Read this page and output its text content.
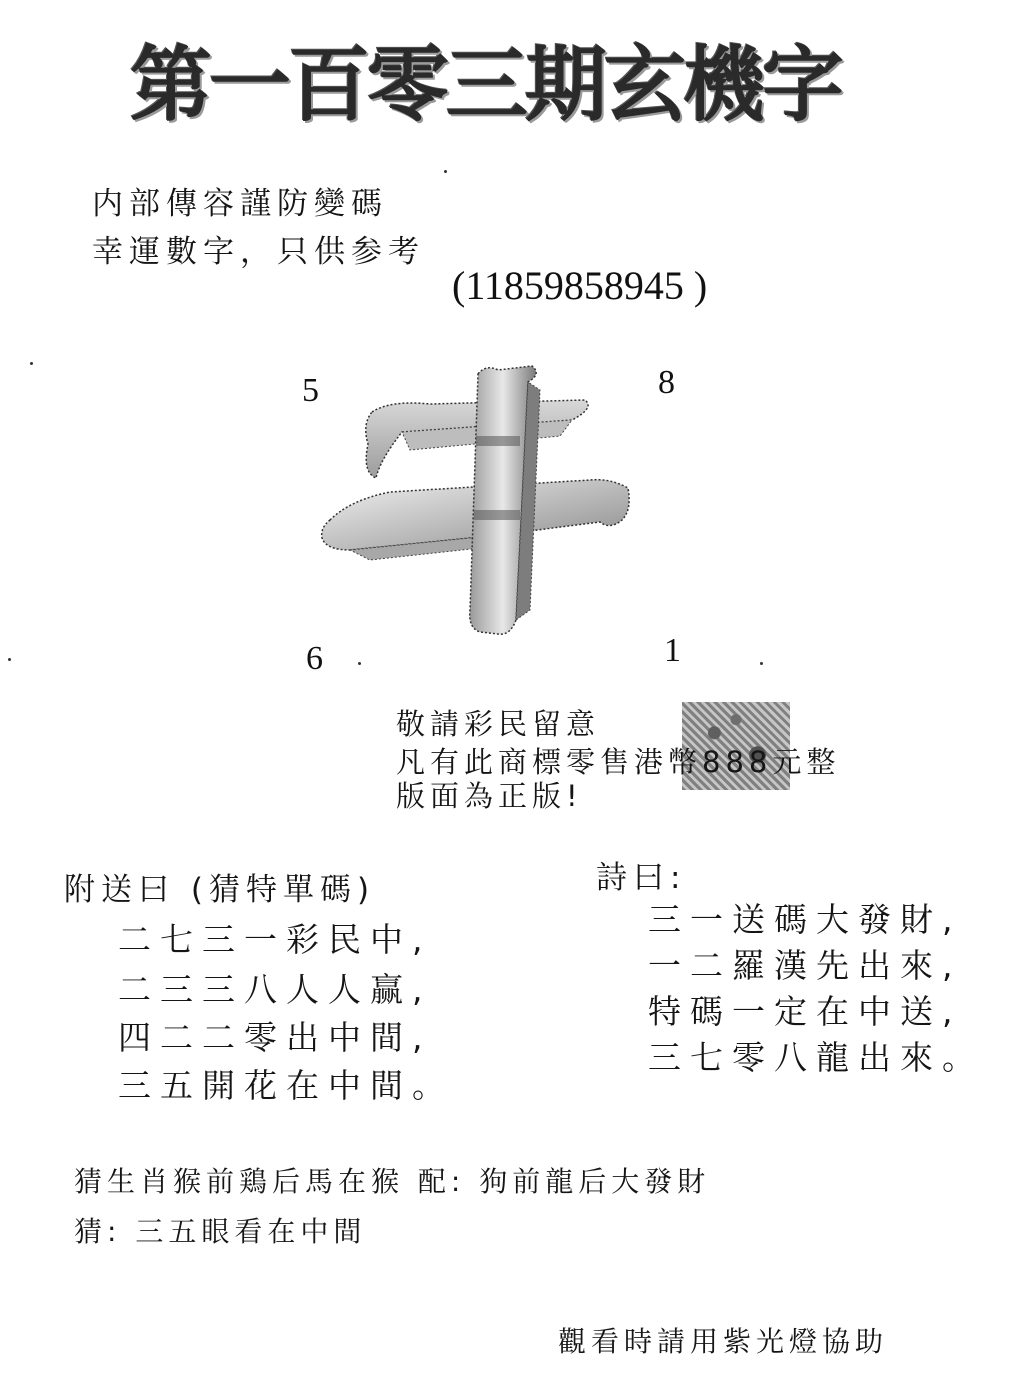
第一百零三期玄機字
内部傳容謹防變碼
幸運數字，只供参考
(11859858945 )
5	8
6	1
敬請彩民留意
凡有此商標零售港幣888元整
版面為正版!
附送曰 (猜特單碼)
二七三一彩民中,
二三三八人人赢,
四二二零出中間,
三五開花在中間。
詩曰:
三一送碼大發財,
一二羅漢先出來,
特碼一定在中送,
三七零八龍出來。
猜生肖猴前鶏后馬在猴 配: 狗前龍后大發財
猜: 三五眼看在中間
觀看時請用紫光燈協助
